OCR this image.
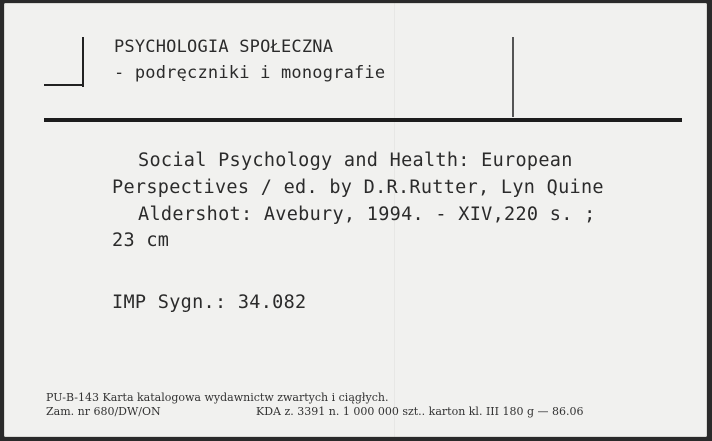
PSYCHOLOGIA SPOŁECZNA
- podręczniki i monografie
Social Psychology and Health: European
Perspectives / ed. by D.R.Rutter, Lyn Quine
Aldershot: Avebury, 1994. - XIV,220 s. ;
23 cm
IMP Sygn.: 34.082
PU-B-143 Karta katalogowa wydawnictw zwartych i ciągłych.
Zam. nr 680/DW/ON	KDA z. 3391 n. 1 000 000 szt.. karton kl. III 180 g — 86.06
